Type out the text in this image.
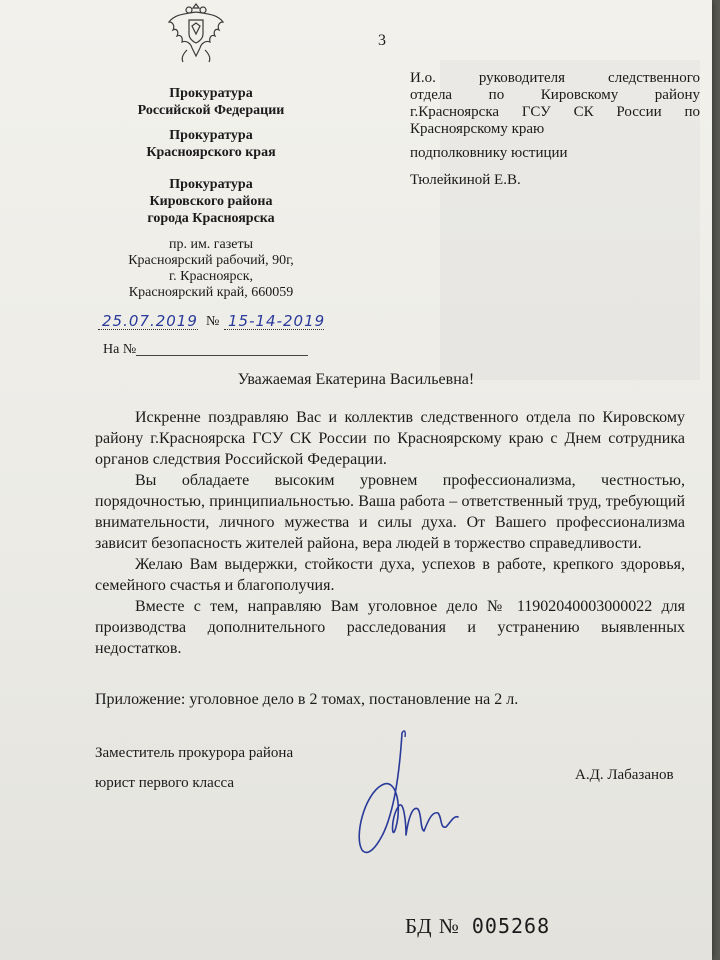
3
Прокуратура
Российской Федерации
Прокуратура
Красноярского края
Прокуратура
Кировского района
города Красноярска
пр. им. газеты
Красноярский рабочий, 90г,
г. Красноярск,
Красноярский край, 660059
25.07.2019 № 15-14-2019
На №
И.о. руководителя следственного
отдела по Кировскому району
г.Красноярска ГСУ СК России по
Красноярскому краю
подполковнику юстиции
Тюлейкиной Е.В.
Уважаемая Екатерина Васильевна!

Искренне поздравляю Вас и коллектив следственного отдела по Кировскому району г.Красноярска ГСУ СК России по Красноярскому краю с Днем сотрудника органов следствия Российской Федерации.

Вы обладаете высоким уровнем профессионализма, честностью, порядочностью, принципиальностью. Ваша работа – ответственный труд, требующий внимательности, личного мужества и силы духа. От Вашего профессионализма зависит безопасность жителей района, вера людей в торжество справедливости.

Желаю Вам выдержки, стойкости духа, успехов в работе, крепкого здоровья, семейного счастья и благополучия.

Вместе с тем, направляю Вам уголовное дело № 11902040003000022 для производства дополнительного расследования и устранению выявленных недостатков.

Приложение: уголовное дело в 2 томах, постановление на 2 л.
Заместитель прокурора района
юрист первого класса	А.Д. Лабазанов
БД № 005268
